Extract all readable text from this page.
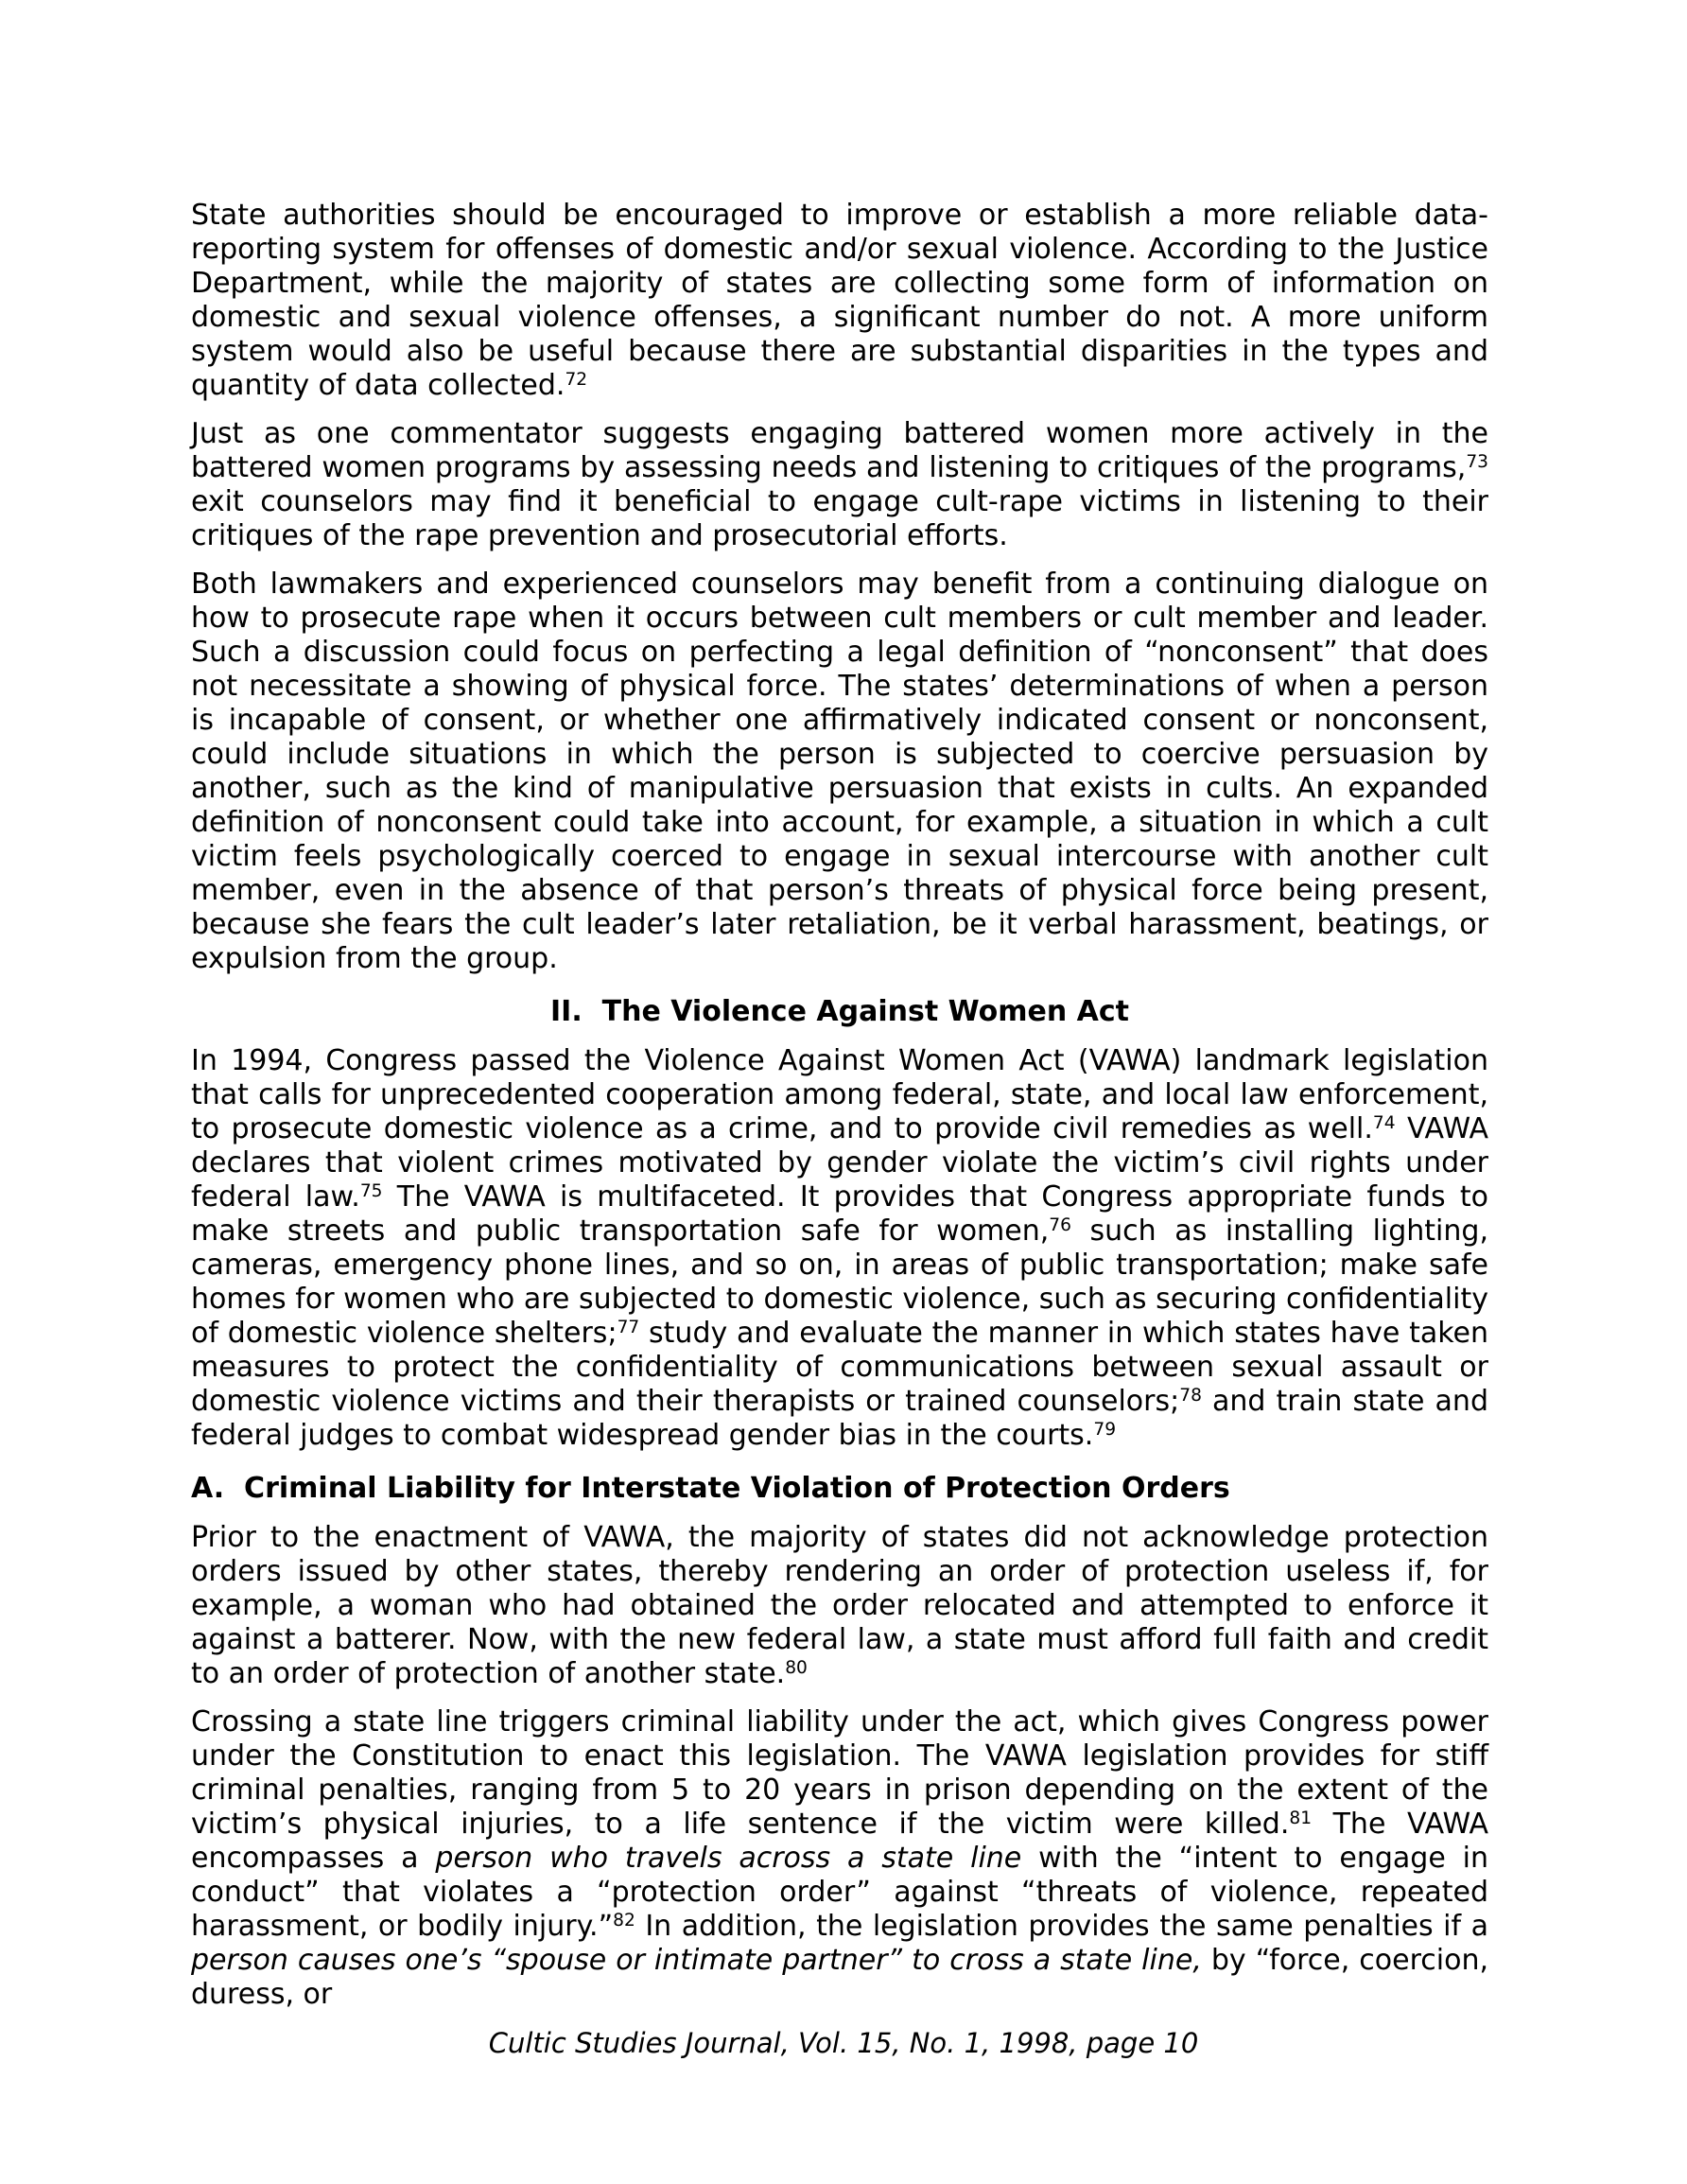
State authorities should be encouraged to improve or establish a more reliable data-reporting system for offenses of domestic and/or sexual violence. According to the Justice Department, while the majority of states are collecting some form of information on domestic and sexual violence offenses, a significant number do not. A more uniform system would also be useful because there are substantial disparities in the types and quantity of data collected.$^{72}$

Just as one commentator suggests engaging battered women more actively in the battered women programs by assessing needs and listening to critiques of the programs,$^{73}$ exit counselors may find it beneficial to engage cult-rape victims in listening to their critiques of the rape prevention and prosecutorial efforts.

Both lawmakers and experienced counselors may benefit from a continuing dialogue on how to prosecute rape when it occurs between cult members or cult member and leader. Such a discussion could focus on perfecting a legal definition of “nonconsent” that does not necessitate a showing of physical force. The states’ determinations of when a person is incapable of consent, or whether one affirmatively indicated consent or nonconsent, could include situations in which the person is subjected to coercive persuasion by another, such as the kind of manipulative persuasion that exists in cults. An expanded definition of nonconsent could take into account, for example, a situation in which a cult victim feels psychologically coerced to engage in sexual intercourse with another cult member, even in the absence of that person’s threats of physical force being present, because she fears the cult leader’s later retaliation, be it verbal harassment, beatings, or expulsion from the group.

II.  The Violence Against Women Act

In 1994, Congress passed the Violence Against Women Act (VAWA) landmark legislation that calls for unprecedented cooperation among federal, state, and local law enforcement, to prosecute domestic violence as a crime, and to provide civil remedies as well.$^{74}$ VAWA declares that violent crimes motivated by gender violate the victim’s civil rights under federal law.$^{75}$ The VAWA is multifaceted. It provides that Congress appropriate funds to make streets and public transportation safe for women,$^{76}$ such as installing lighting, cameras, emergency phone lines, and so on, in areas of public transportation; make safe homes for women who are subjected to domestic violence, such as securing confidentiality of domestic violence shelters;$^{77}$ study and evaluate the manner in which states have taken measures to protect the confidentiality of communications between sexual assault or domestic violence victims and their therapists or trained counselors;$^{78}$ and train state and federal judges to combat widespread gender bias in the courts.$^{79}$

A.  Criminal Liability for Interstate Violation of Protection Orders

Prior to the enactment of VAWA, the majority of states did not acknowledge protection orders issued by other states, thereby rendering an order of protection useless if, for example, a woman who had obtained the order relocated and attempted to enforce it against a batterer. Now, with the new federal law, a state must afford full faith and credit to an order of protection of another state.$^{80}$

Crossing a state line triggers criminal liability under the act, which gives Congress power under the Constitution to enact this legislation. The VAWA legislation provides for stiff criminal penalties, ranging from 5 to 20 years in prison depending on the extent of the victim’s physical injuries, to a life sentence if the victim were killed.$^{81}$ The VAWA encompasses a person who travels across a state line with the “intent to engage in conduct” that violates a “protection order” against “threats of violence, repeated harassment, or bodily injury.”$^{82}$ In addition, the legislation provides the same penalties if a person causes one’s “spouse or intimate partner” to cross a state line, by “force, coercion, duress, or

Cultic Studies Journal, Vol. 15, No. 1, 1998, page 10
